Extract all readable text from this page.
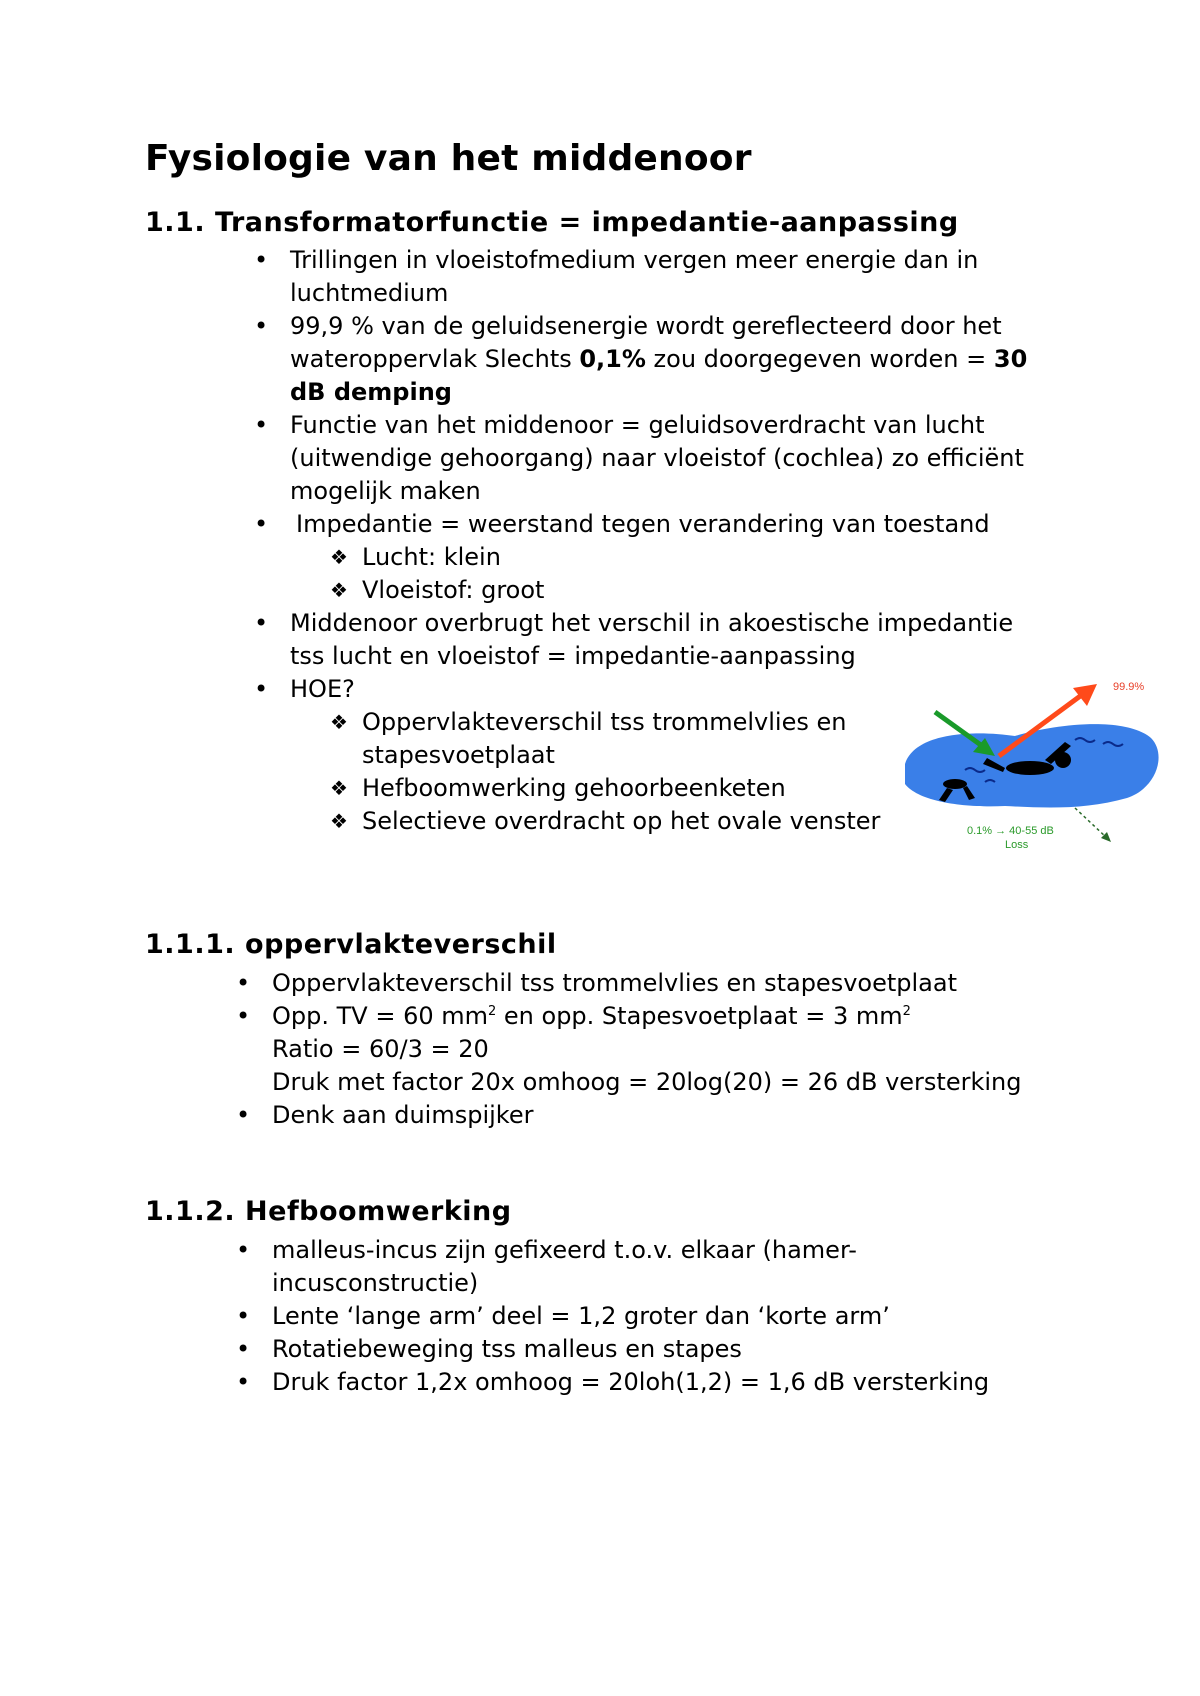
Fysiologie van het middenoor
1.1. Transformatorfunctie = impedantie-aanpassing
• Trillingen in vloeistofmedium vergen meer energie dan in luchtmedium
• 99,9 % van de geluidsenergie wordt gereflecteerd door het wateroppervlak Slechts 0,1% zou doorgegeven worden = 30 dB demping
• Functie van het middenoor = geluidsoverdracht van lucht (uitwendige gehoorgang) naar vloeistof (cochlea) zo efficiënt mogelijk maken
• Impedantie = weerstand tegen verandering van toestand
❖ Lucht: klein
❖ Vloeistof: groot
• Middenoor overbrugt het verschil in akoestische impedantie tss lucht en vloeistof = impedantie-aanpassing
• HOE?
❖ Oppervlakteverschil tss trommelvlies en stapesvoetplaat
❖ Hefboomwerking gehoorbeenketen
❖ Selectieve overdracht op het ovale venster
99.9%
0.1% → 40-55 dB
Loss
1.1.1. oppervlakteverschil
• Oppervlakteverschil tss trommelvlies en stapesvoetplaat
• Opp. TV = 60 $mm^2$ en opp. Stapesvoetplaat = 3 $mm^2$
Ratio = 60/3 = 20
Druk met factor 20x omhoog = 20log(20) = 26 dB versterking
• Denk aan duimspijker
1.1.2. Hefboomwerking
• malleus-incus zijn gefixeerd t.o.v. elkaar (hamer-incusconstructie)
• Lente ‘lange arm’ deel = 1,2 groter dan ‘korte arm’
• Rotatiebeweging tss malleus en stapes
• Druk factor 1,2x omhoog = 20loh(1,2) = 1,6 dB versterking
